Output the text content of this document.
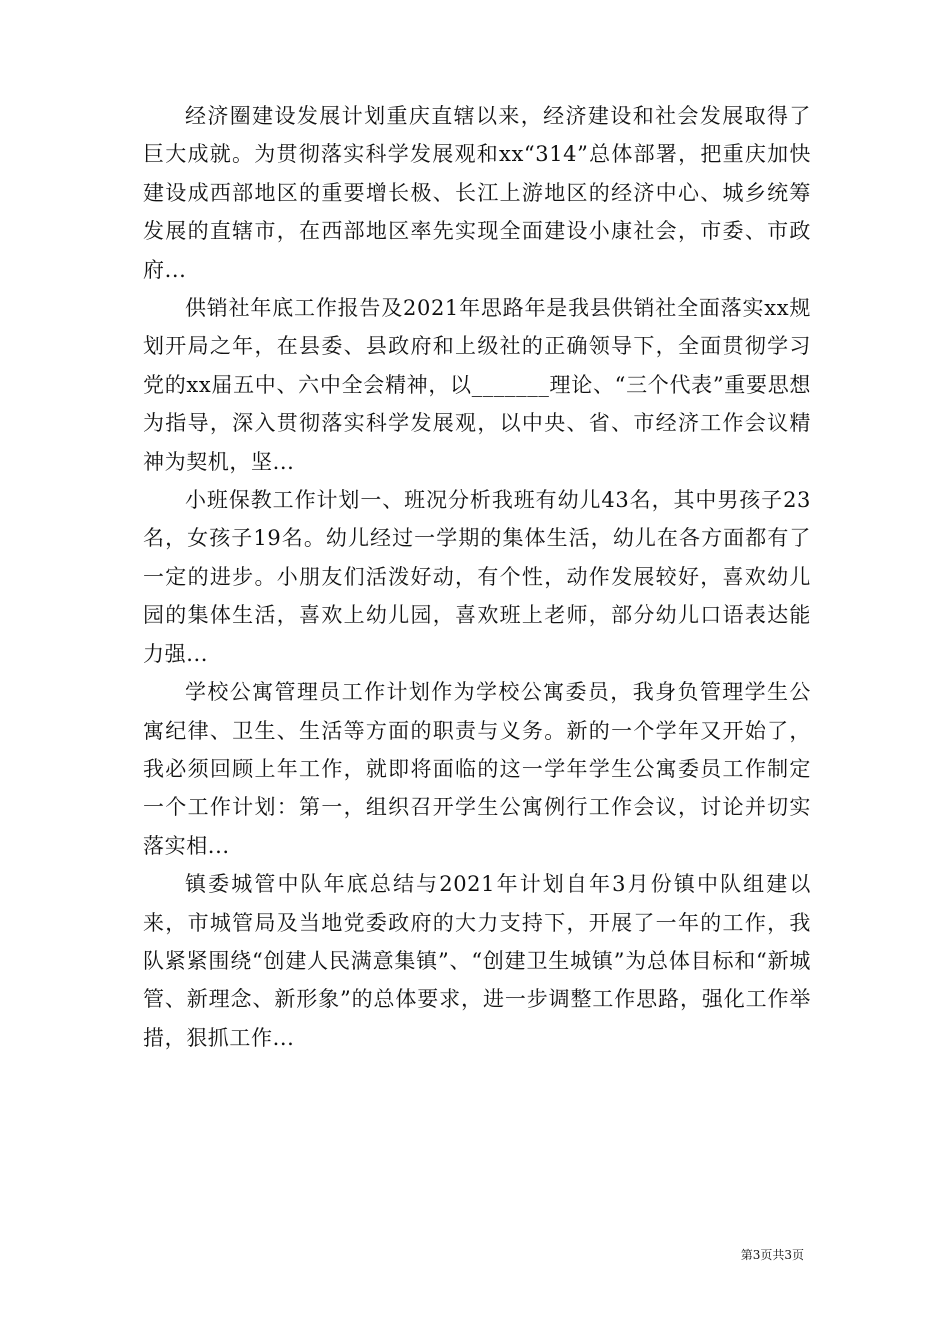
经济圈建设发展计划重庆直辖以来，经济建设和社会发展取得了巨大成就。为贯彻落实科学发展观和xx“314”总体部署，把重庆加快建设成西部地区的重要增长极、长江上游地区的经济中心、城乡统筹发展的直辖市，在西部地区率先实现全面建设小康社会，市委、市政府...

供销社年底工作报告及2021年思路年是我县供销社全面落实xx规划开局之年，在县委、县政府和上级社的正确领导下，全面贯彻学习党的xx届五中、六中全会精神，以_______理论、“三个代表”重要思想为指导，深入贯彻落实科学发展观，以中央、省、市经济工作会议精神为契机，坚...

小班保教工作计划一、班况分析我班有幼儿43名，其中男孩子23名，女孩子19名。幼儿经过一学期的集体生活，幼儿在各方面都有了一定的进步。小朋友们活泼好动，有个性，动作发展较好，喜欢幼儿园的集体生活，喜欢上幼儿园，喜欢班上老师，部分幼儿口语表达能力强...

学校公寓管理员工作计划作为学校公寓委员，我身负管理学生公寓纪律、卫生、生活等方面的职责与义务。新的一个学年又开始了，我必须回顾上年工作，就即将面临的这一学年学生公寓委员工作制定一个工作计划：第一，组织召开学生公寓例行工作会议，讨论并切实落实相...

镇委城管中队年底总结与2021年计划自年3月份镇中队组建以来，市城管局及当地党委政府的大力支持下，开展了一年的工作，我队紧紧围绕“创建人民满意集镇”、“创建卫生城镇”为总体目标和“新城管、新理念、新形象”的总体要求，进一步调整工作思路，强化工作举措，狠抓工作...

第3页共3页
